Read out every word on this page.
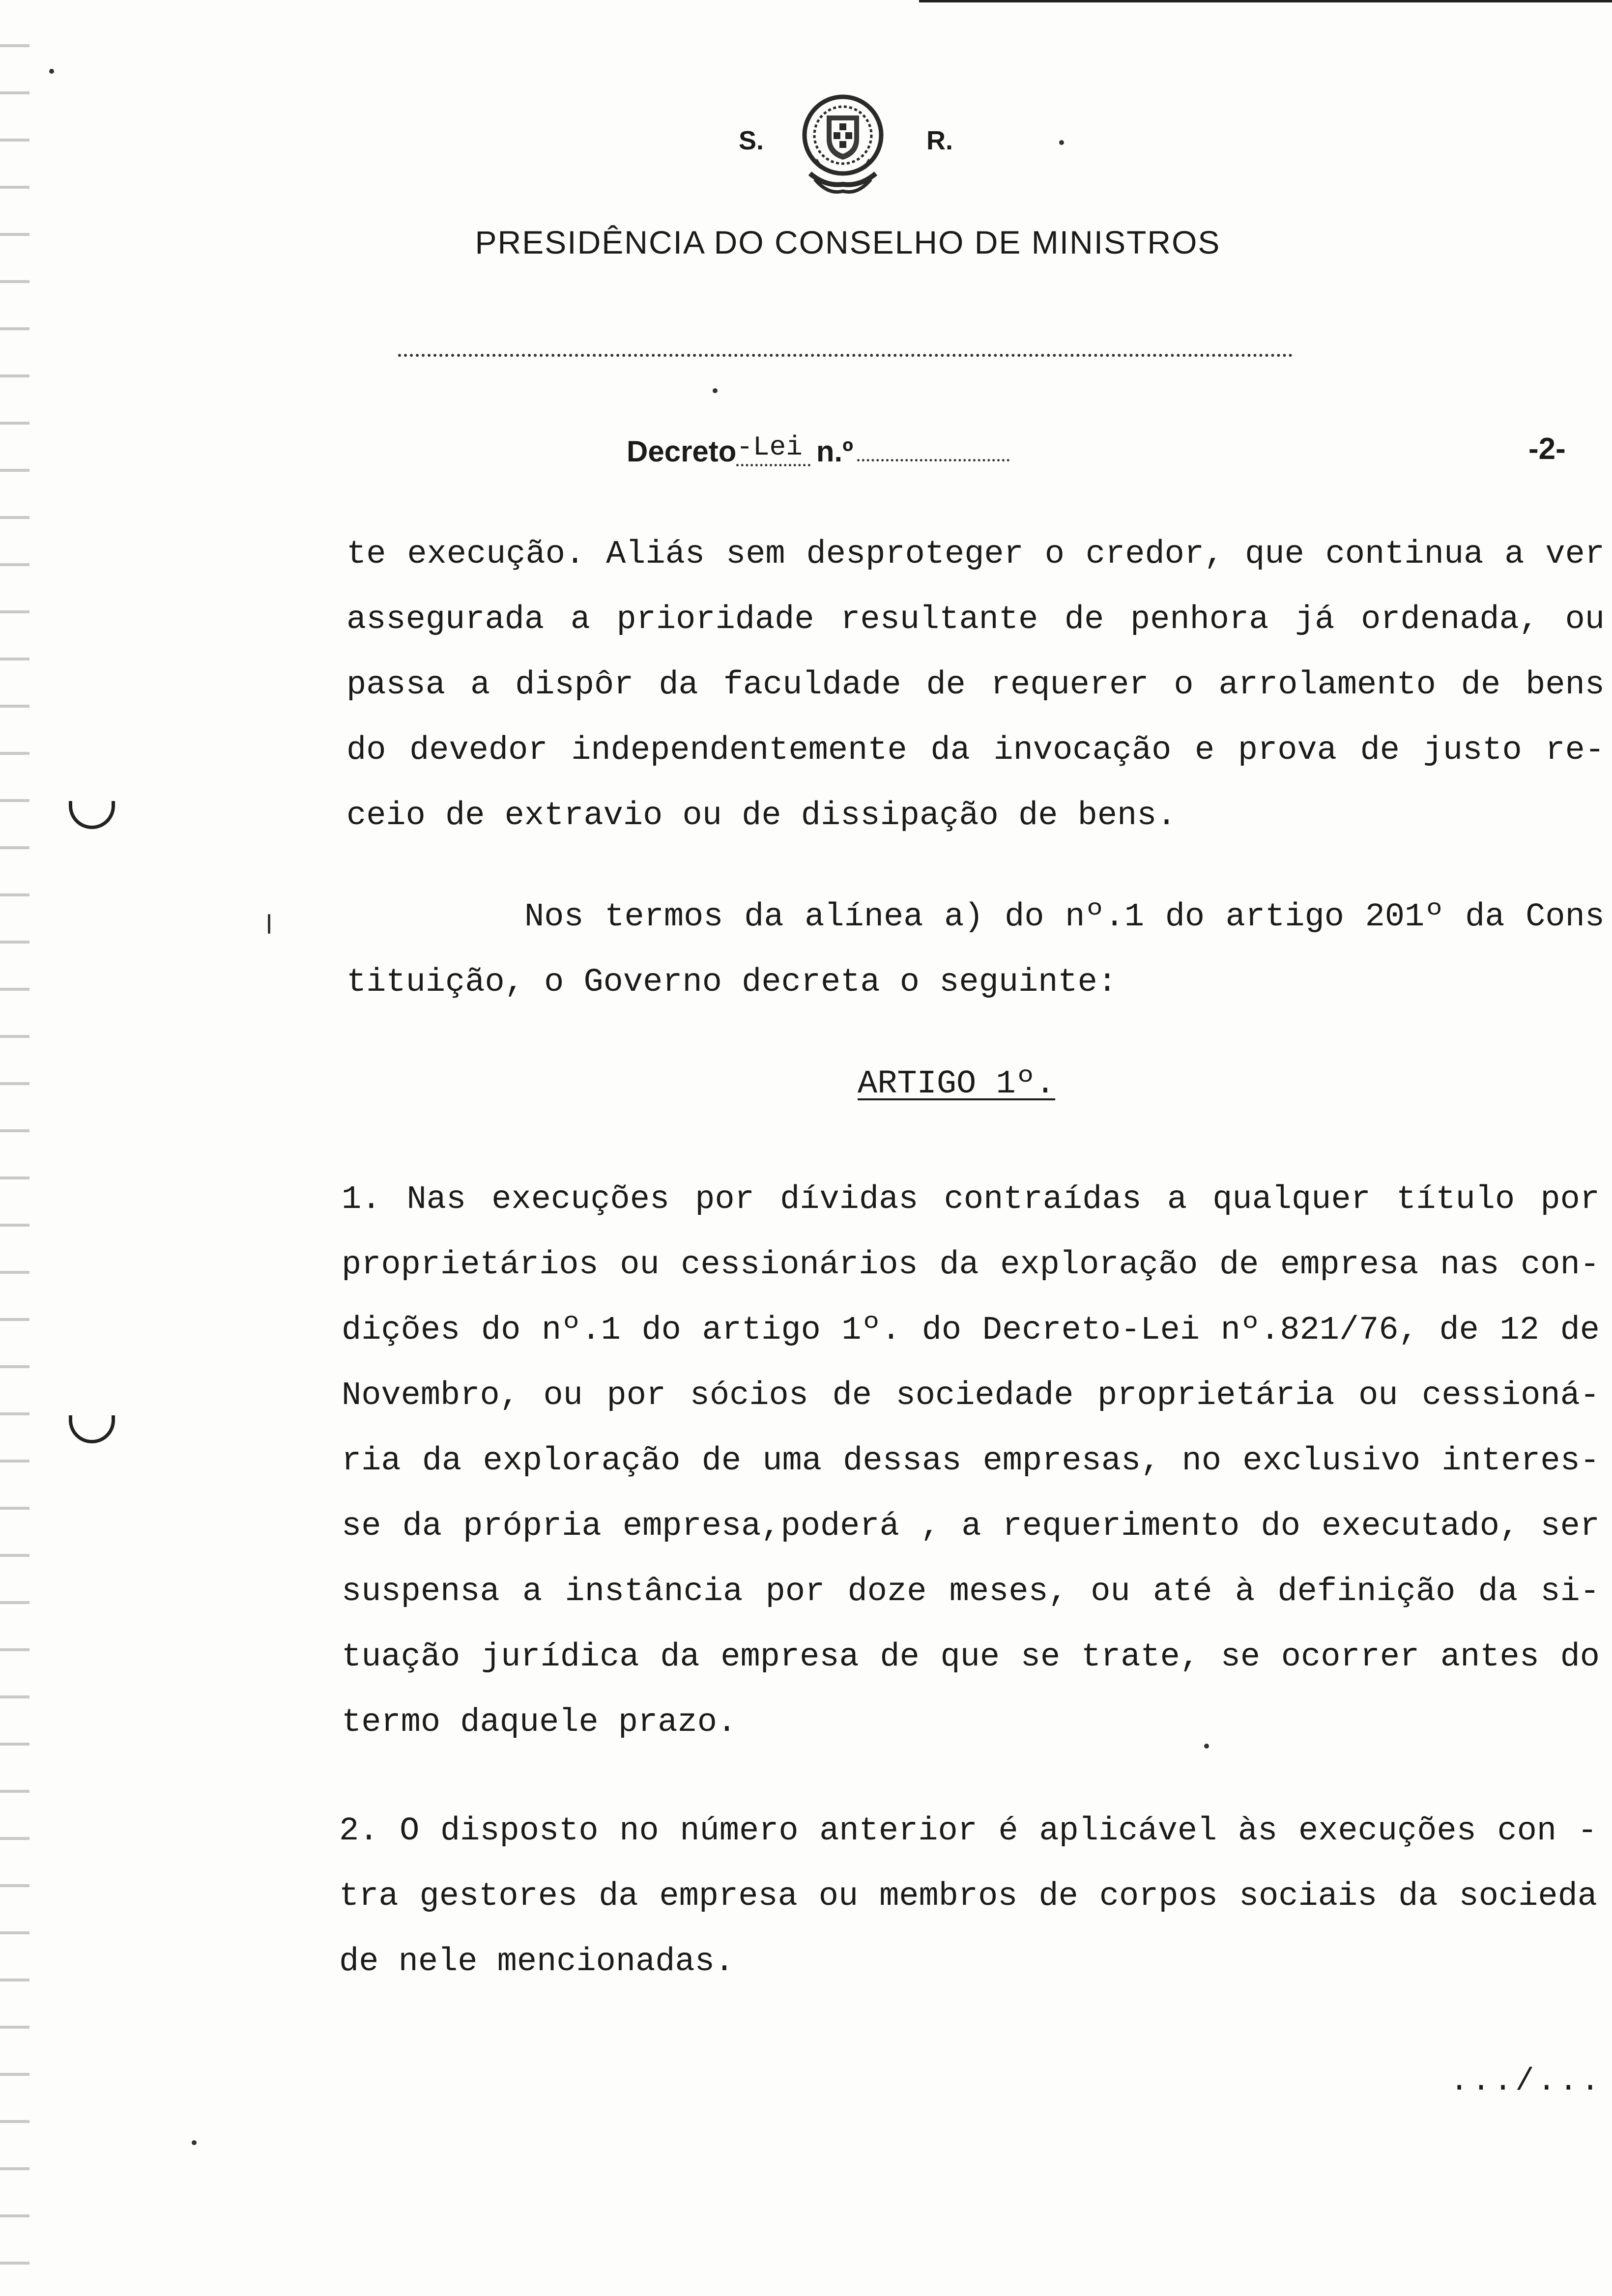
S.	R.
PRESIDÊNCIA DO CONSELHO DE MINISTROS
Decreto-Lei n.º	-2-
te execução. Aliás sem desproteger o credor, que continua a ver
assegurada a prioridade resultante de penhora já ordenada, ou
passa a dispôr da faculdade de requerer o arrolamento de bens
do devedor independentemente da invocação e prova de justo re-
ceio de extravio ou de dissipação de bens.
Nos termos da alínea a) do nº.1 do artigo 201º da Cons
tituição, o Governo decreta o seguinte:
ARTIGO 1º.
1. Nas execuções por dívidas contraídas a qualquer título por
proprietários ou cessionários da exploração de empresa nas con-
dições do nº.1 do artigo 1º. do Decreto-Lei nº.821/76, de 12 de
Novembro, ou por sócios de sociedade proprietária ou cessioná-
ria da exploração de uma dessas empresas, no exclusivo interes-
se da própria empresa,poderá , a requerimento do executado, ser
suspensa a instância por doze meses, ou até à definição da si-
tuação jurídica da empresa de que se trate, se ocorrer antes do
termo daquele prazo.
2. O disposto no número anterior é aplicável às execuções con -
tra gestores da empresa ou membros de corpos sociais da socieda
de nele mencionadas.
.../...
